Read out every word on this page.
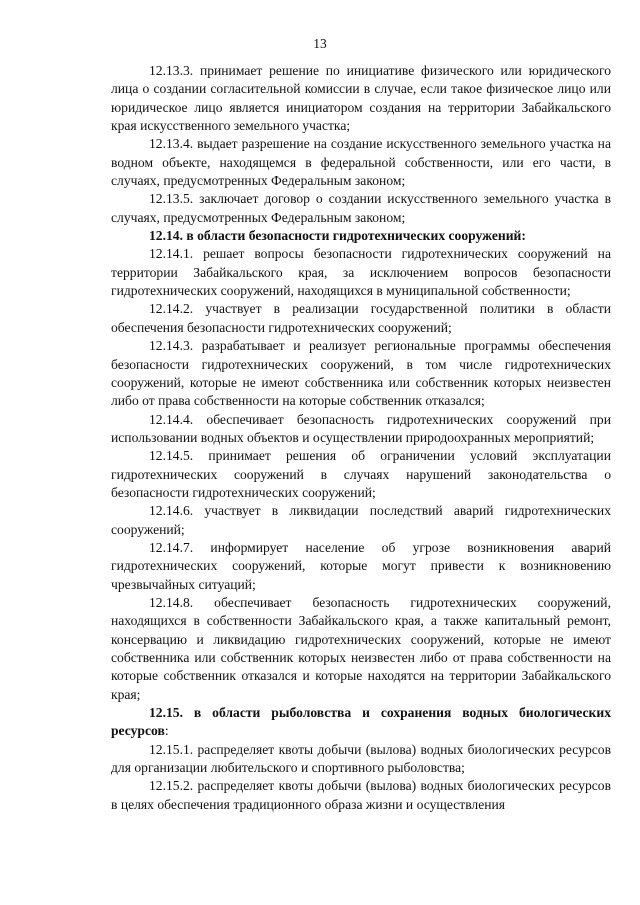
13

12.13.3. принимает решение по инициативе физического или юридического лица о создании согласительной комиссии в случае, если такое физическое лицо или юридическое лицо является инициатором создания на территории Забайкальского края искусственного земельного участка;

12.13.4. выдает разрешение на создание искусственного земельного участка на водном объекте, находящемся в федеральной собственности, или его части, в случаях, предусмотренных Федеральным законом;

12.13.5. заключает договор о создании искусственного земельного участка в случаях, предусмотренных Федеральным законом;

12.14. в области безопасности гидротехнических сооружений:

12.14.1. решает вопросы безопасности гидротехнических сооружений на территории Забайкальского края, за исключением вопросов безопасности гидротехнических сооружений, находящихся в муниципальной собственности;

12.14.2. участвует в реализации государственной политики в области обеспечения безопасности гидротехнических сооружений;

12.14.3. разрабатывает и реализует региональные программы обеспечения безопасности гидротехнических сооружений, в том числе гидротехнических сооружений, которые не имеют собственника или собственник которых неизвестен либо от права собственности на которые собственник отказался;

12.14.4. обеспечивает безопасность гидротехнических сооружений при использовании водных объектов и осуществлении природоохранных мероприятий;

12.14.5. принимает решения об ограничении условий эксплуатации гидротехнических сооружений в случаях нарушений законодательства о безопасности гидротехнических сооружений;

12.14.6. участвует в ликвидации последствий аварий гидротехнических сооружений;

12.14.7. информирует население об угрозе возникновения аварий гидротехнических сооружений, которые могут привести к возникновению чрезвычайных ситуаций;

12.14.8. обеспечивает безопасность гидротехнических сооружений, находящихся в собственности Забайкальского края, а также капитальный ремонт, консервацию и ликвидацию гидротехнических сооружений, которые не имеют собственника или собственник которых неизвестен либо от права собственности на которые собственник отказался и которые находятся на территории Забайкальского края;

12.15. в области рыболовства и сохранения водных биологических ресурсов:

12.15.1. распределяет квоты добычи (вылова) водных биологических ресурсов для организации любительского и спортивного рыболовства;

12.15.2. распределяет квоты добычи (вылова) водных биологических ресурсов в целях обеспечения традиционного образа жизни и осуществления
